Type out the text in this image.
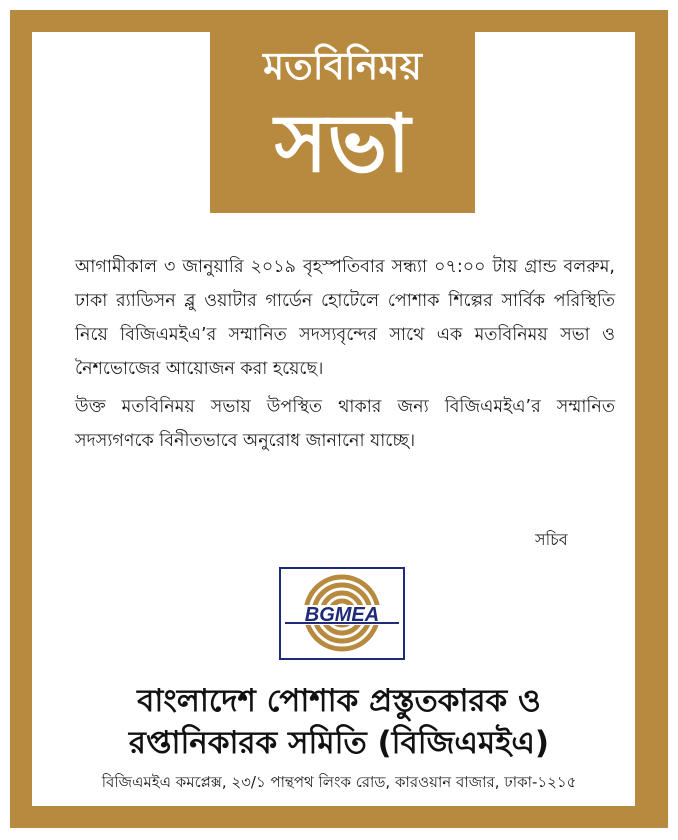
মতবিনিময়
সভা
আগামীকাল ৩ জানুয়ারি ২০১৯ বৃহস্পতিবার সন্ধ্যা ০৭:০০ টায় গ্রান্ড বলরুম, ঢাকা র‍্যাডিসন ব্লু ওয়াটার গার্ডেন হোটেলে পোশাক শিল্পের সার্বিক পরিস্থিতি নিয়ে বিজিএমইএ’র সম্মানিত সদস্যবৃন্দের সাথে এক মতবিনিময় সভা ও নৈশভোজের আয়োজন করা হয়েছে।
উক্ত মতবিনিময় সভায় উপস্থিত থাকার জন্য বিজিএমইএ’র সম্মানিত সদস্যগণকে বিনীতভাবে অনুরোধ জানানো যাচ্ছে।
সচিব
BGMEA
বাংলাদেশ পোশাক প্রস্তুতকারক ও
রপ্তানিকারক সমিতি (বিজিএমইএ)
বিজিএমইএ কমপ্লেক্স, ২৩/১ পান্থপথ লিংক রোড, কারওয়ান বাজার, ঢাকা-১২১৫
